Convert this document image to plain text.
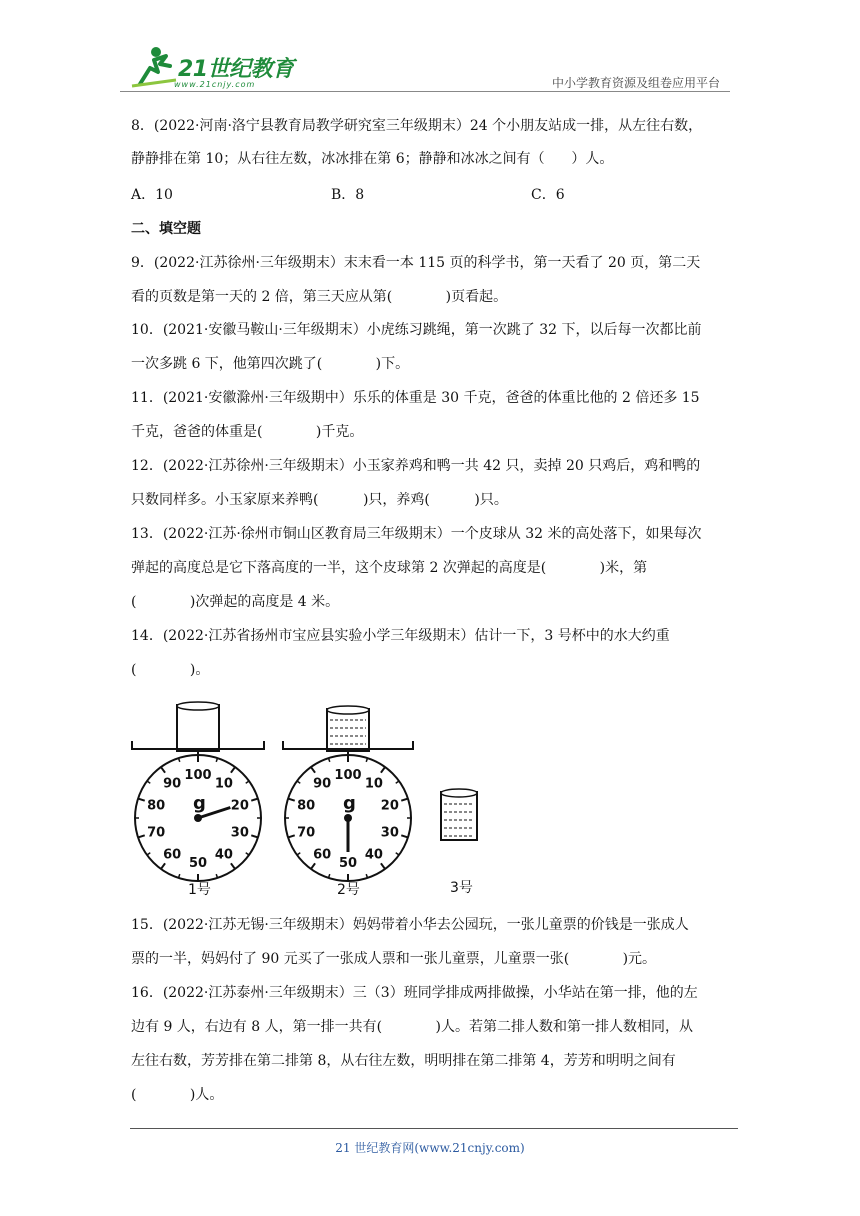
21世纪教育
www.21cnjy.com	中小学教育资源及组卷应用平台
8．(2022·河南·洛宁县教育局教学研究室三年级期末）24 个小朋友站成一排，从左往右数，
静静排在第 10；从右往左数，冰冰排在第 6；静静和冰冰之间有（      ）人。

A．10

	B．8

	C．6

二、填空题
9．(2022·江苏徐州·三年级期末）末末看一本 115 页的科学书，第一天看了 20 页，第二天
看的页数是第一天的 2 倍，第三天应从第(            )页看起。
10．(2021·安徽马鞍山·三年级期末）小虎练习跳绳，第一次跳了 32 下，以后每一次都比前
一次多跳 6 下，他第四次跳了(            )下。
11．(2021·安徽滁州·三年级期中）乐乐的体重是 30 千克，爸爸的体重比他的 2 倍还多 15
千克，爸爸的体重是(            )千克。
12．(2022·江苏徐州·三年级期末）小玉家养鸡和鸭一共 42 只，卖掉 20 只鸡后，鸡和鸭的
只数同样多。小玉家原来养鸭(          )只，养鸡(          )只。
13．(2022·江苏·徐州市铜山区教育局三年级期末）一个皮球从 32 米的高处落下，如果每次
弹起的高度总是它下落高度的一半，这个皮球第 2 次弹起的高度是(            )米，第
(            )次弹起的高度是 4 米。
14．(2022·江苏省扬州市宝应县实验小学三年级期末）估计一下，3 号杯中的水大约重
(            )。
15．(2022·江苏无锡·三年级期末）妈妈带着小华去公园玩，一张儿童票的价钱是一张成人
票的一半，妈妈付了 90 元买了一张成人票和一张儿童票，儿童票一张(            )元。
16．(2022·江苏泰州·三年级期末）三（3）班同学排成两排做操，小华站在第一排，他的左
边有 9 人，右边有 8 人，第一排一共有(            )人。若第二排人数和第一排人数相同，从
左往右数，芳芳排在第二排第 8，从右往左数，明明排在第二排第 4，芳芳和明明之间有
(            )人。
100
10
20
30
40
50
60
70
80
90
g
1号
100
10
20
30
40
50
60
70
80
90
g
2号	3号
21 世纪教育网(www.21cnjy.com)
